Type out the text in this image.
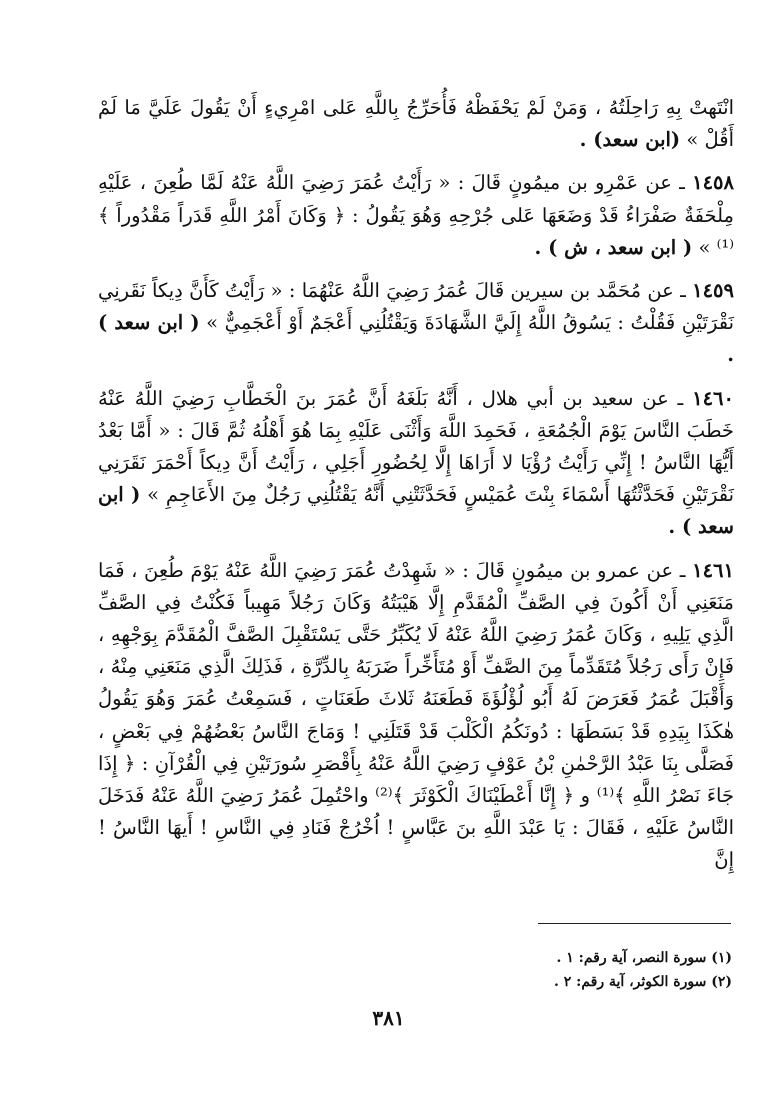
انْتَهتْ بِهِ رَاحِلَتُهُ ، وَمَنْ لَمْ يَحْفَظْهُ فَأُحَرِّجُ بِاللَّهِ عَلى امْرِيءٍ أَنْ يَقُولَ عَلَيَّ مَا لَمْ أَقُلْ » (ابن سعد) .

١٤٥٨ ـ عن عَمْرِو بن ميمُونٍ قَالَ : « رَأَيْتُ عُمَرَ رَضِيَ اللَّهُ عَنْهُ لَمَّا طُعِنَ ، عَلَيْهِ مِلْحَفَةٌ صَفْرَاءُ قَدْ وَضَعَهَا عَلى جُرْحِهِ وَهُوَ يَقُولُ : ﴿ وَكَانَ أَمْرُ اللَّهِ قَدَراً مَقْدُوراً ﴾⁽¹⁾ » ( ابن سعد ، ش ) .

١٤٥٩ ـ عن مُحَمَّد بن سيرين قَالَ عُمَرُ رَضِيَ اللَّهُ عَنْهُمَا : « رَأَيْتُ كَأَنَّ دِيكاً نَقَرنِي نَقْرَتَيْنِ فَقُلْتُ : يَسُوقُ اللَّهُ إِلَيَّ الشَّهَادَةَ وَيَقْتُلُنِي أَعْجَمٌ أَوْ أَعْجَمِيٌّ » ( ابن سعد ) .

١٤٦٠ ـ عن سعيد بن أبي هلال ، أَنَّهُ بَلَغَهُ أَنَّ عُمَرَ بنَ الْخَطَّابِ رَضِيَ اللَّهُ عَنْهُ خَطَبَ النَّاسَ يَوْمَ الْجُمُعَةِ ، فَحَمِدَ اللَّهَ وَأَثْنَى عَلَيْهِ بِمَا هُوَ أَهْلُهُ ثُمَّ قَالَ : « أَمَّا بَعْدُ أَيُّهَا النَّاسُ ! إِنِّي رَأَيْتُ رُؤْيَا لا أَرَاهَا إِلَّا لِحُضُورِ أَجَلِي ، رَأَيْتُ أَنَّ دِيكاً أَحْمَرَ نَقَرَنِي نَقْرَتَيْنِ فَحَدَّثْتُهَا أَسْمَاءَ بِنْتَ عُمَيْسٍ فَحَدَّثَتْنِي أَنَّهُ يَقْتُلُنِي رَجُلٌ مِنَ الأَعَاجِمِ » ( ابن سعد ) .

١٤٦١ ـ عن عمرو بن ميمُونٍ قَالَ : « شَهِدْتُ عُمَرَ رَضِيَ اللَّهُ عَنْهُ يَوْمَ طُعِنَ ، فَمَا مَنَعَنِي أَنْ أَكُونَ فِي الصَّفِّ الْمُقَدَّمِ إِلَّا هَيْبَتُهُ وَكَانَ رَجُلاً مَهِيباً فَكُنْتُ فِي الصَّفِّ الَّذِي يَلِيهِ ، وَكَانَ عُمَرُ رَضِيَ اللَّهُ عَنْهُ لَا يُكَبِّرُ حَتَّى يَسْتَقْبِلَ الصَّفَّ الْمُقَدَّمَ بِوَجْهِهِ ، فَإِنْ رَأَى رَجُلاً مُتَقَدِّماً مِنَ الصَّفِّ أَوْ مُتَأَخِّراً ضَرَبَهُ بِالدِّرَّةِ ، فَذَلِكَ الَّذِي مَنَعَنِي مِنْهُ ، وَأَقْبَلَ عُمَرُ فَعَرَضَ لَهُ أَبُو لُؤْلُؤَةَ فَطَعَنَهُ ثَلاثَ طَعَنَاتٍ ، فَسَمِعْتُ عُمَرَ وَهُوَ يَقُولُ هٰكَذَا بِيَدِهِ قَدْ بَسَطَهَا : دُونَكُمُ الْكَلْبَ قَدْ قَتَلَنِي ! وَمَاجَ النَّاسُ بَعْضُهُمْ فِي بَعْضٍ ، فَصَلَّى بِنَا عَبْدُ الرَّحْمٰنِ بْنُ عَوْفٍ رَضِيَ اللَّهُ عَنْهُ بِأَقْصَرِ سُورَتَيْنِ فِي الْقُرْآنِ : ﴿ إِذَا جَاءَ نَصْرُ اللَّهِ ﴾⁽¹⁾ و ﴿ إِنَّا أَعْطَيْنَاكَ الْكَوْثَرَ ﴾⁽²⁾ واحْتُمِلَ عُمَرُ رَضِيَ اللَّهُ عَنْهُ فَدَخَلَ النَّاسُ عَلَيْهِ ، فَقَالَ : يَا عَبْدَ اللَّهِ بنَ عَبَّاسٍ ! اُخْرُجْ فَنَادِ فِي النَّاسِ ! أَيهَا النَّاسُ ! إِنَّ

(١) سورة النصر، آية رقم: ١ .
(٢) سورة الكوثر، آية رقم: ٢ .
٣٨١
